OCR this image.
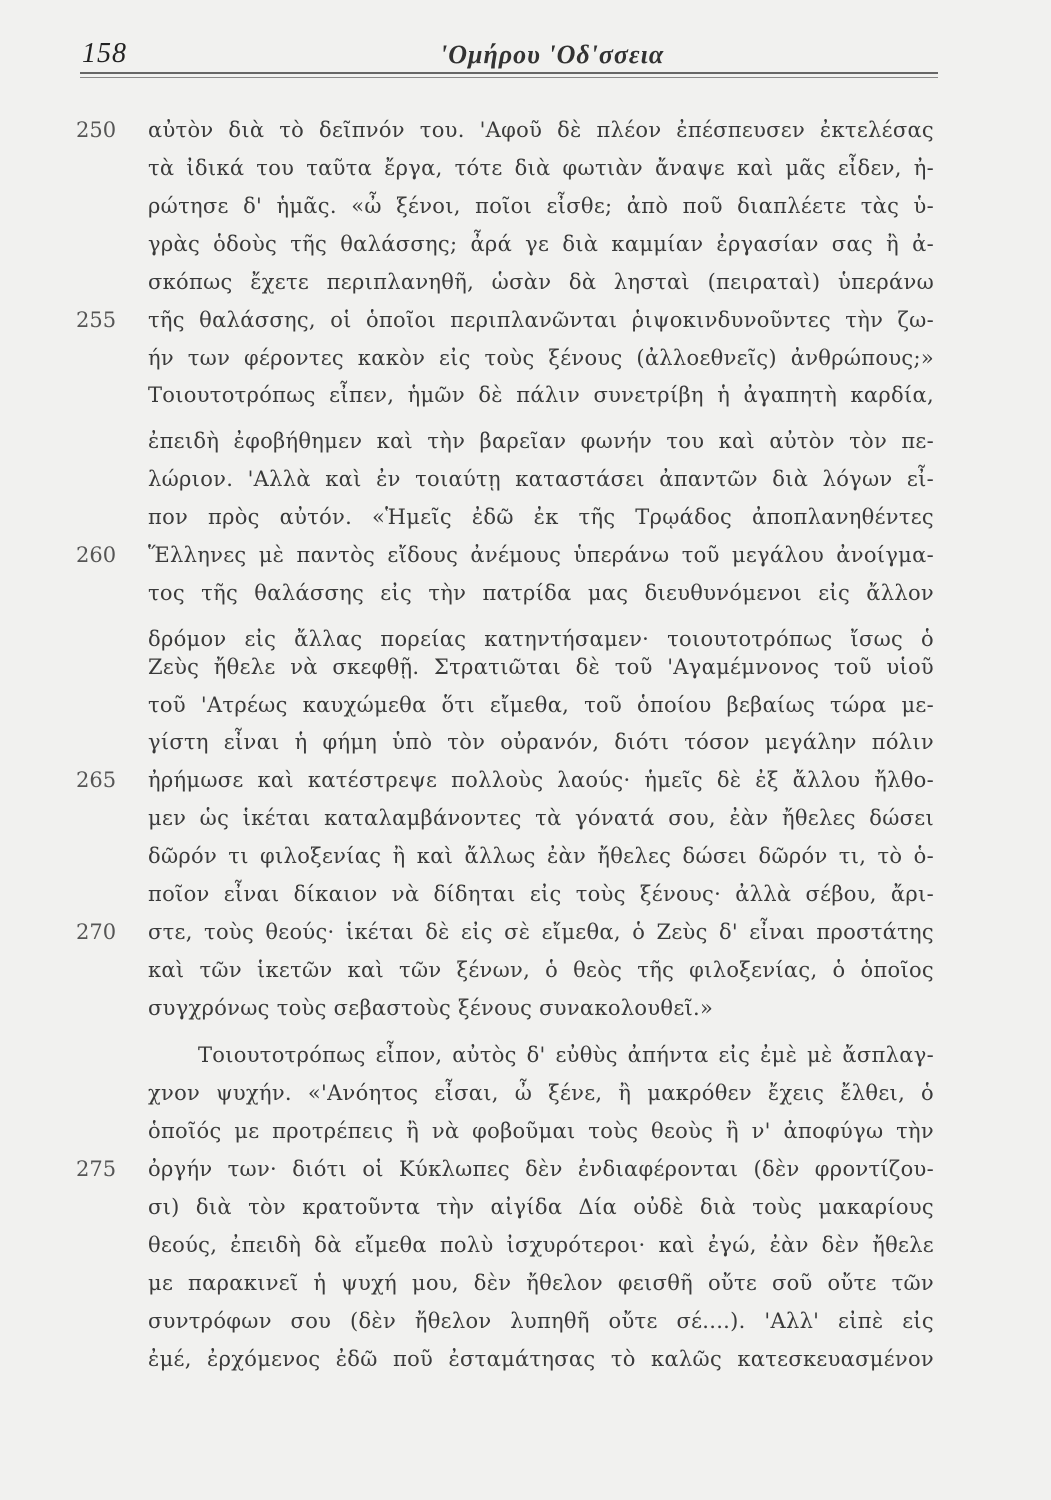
158	'Ομήρου 'Οδ'σσεια
250
255
260
265
270
275
αὐτὸν διὰ τὸ δεῖπνόν του. 'Αφοῦ δὲ πλέον ἐπέσπευσεν ἐκτελέσας
τὰ ἰδικά του ταῦτα ἔργα, τότε διὰ φωτιὰν ἄναψε καὶ μᾶς εἶδεν, ἠ-
ρώτησε δ' ἡμᾶς. «ὦ ξένοι, ποῖοι εἶσθε; ἀπὸ ποῦ διαπλέετε τὰς ὑ-
γρὰς ὁδοὺς τῆς θαλάσσης; ἆρά γε διὰ καμμίαν ἐργασίαν σας ἢ ἀ-
σκόπως ἔχετε περιπλανηθῆ, ὡσὰν δὰ λησταὶ (πειραταὶ) ὑπεράνω
τῆς θαλάσσης, οἱ ὁποῖοι περιπλανῶνται ῥιψοκινδυνοῦντες τὴν ζω-
ήν των φέροντες κακὸν εἰς τοὺς ξένους (ἀλλοεθνεῖς) ἀνθρώπους;»
Τοιουτοτρόπως εἶπεν, ἡμῶν δὲ πάλιν συνετρίβη ἡ ἀγαπητὴ καρδία,
ἐπειδὴ ἐφοβήθημεν καὶ τὴν βαρεῖαν φωνήν του καὶ αὐτὸν τὸν πε-
λώριον. 'Αλλὰ καὶ ἐν τοιαύτῃ καταστάσει ἀπαντῶν διὰ λόγων εἶ-
πον πρὸς αὐτόν. «Ἡμεῖς ἐδῶ ἐκ τῆς Τρῳάδος ἀποπλανηθέντες
Ἕλληνες μὲ παντὸς εἴδους ἀνέμους ὑπεράνω τοῦ μεγάλου ἀνοίγμα-
τος τῆς θαλάσσης εἰς τὴν πατρίδα μας διευθυνόμενοι εἰς ἄλλον
δρόμον εἰς ἄλλας πορείας κατηντήσαμεν· τοιουτοτρόπως ἴσως ὁ
Ζεὺς ἤθελε νὰ σκεφθῇ. Στρατιῶται δὲ τοῦ 'Αγαμέμνονος τοῦ υἱοῦ
τοῦ 'Ατρέως καυχώμεθα ὅτι εἴμεθα, τοῦ ὁποίου βεβαίως τώρα με-
γίστη εἶναι ἡ φήμη ὑπὸ τὸν οὐρανόν, διότι τόσον μεγάλην πόλιν
ἠρήμωσε καὶ κατέστρεψε πολλοὺς λαούς· ἡμεῖς δὲ ἐξ ἄλλου ἤλθο-
μεν ὡς ἱκέται καταλαμβάνοντες τὰ γόνατά σου, ἐὰν ἤθελες δώσει
δῶρόν τι φιλοξενίας ἢ καὶ ἄλλως ἐὰν ἤθελες δώσει δῶρόν τι, τὸ ὁ-
ποῖον εἶναι δίκαιον νὰ δίδηται εἰς τοὺς ξένους· ἀλλὰ σέβου, ἄρι-
στε, τοὺς θεούς· ἱκέται δὲ εἰς σὲ εἴμεθα, ὁ Ζεὺς δ' εἶναι προστάτης
καὶ τῶν ἱκετῶν καὶ τῶν ξένων, ὁ θεὸς τῆς φιλοξενίας, ὁ ὁποῖος
συγχρόνως τοὺς σεβαστοὺς ξένους συνακολουθεῖ.»
Τοιουτοτρόπως εἶπον, αὐτὸς δ' εὐθὺς ἀπήντα εἰς ἐμὲ μὲ ἄσπλαγ-
χνον ψυχήν. «'Ανόητος εἶσαι, ὦ ξένε, ἢ μακρόθεν ἔχεις ἔλθει, ὁ
ὁποῖός με προτρέπεις ἢ νὰ φοβοῦμαι τοὺς θεοὺς ἢ ν' ἀποφύγω τὴν
ὀργήν των· διότι οἱ Κύκλωπες δὲν ἐνδιαφέρονται (δὲν φροντίζου-
σι) διὰ τὸν κρατοῦντα τὴν αἰγίδα Δία οὐδὲ διὰ τοὺς μακαρίους
θεούς, ἐπειδὴ δὰ εἴμεθα πολὺ ἰσχυρότεροι· καὶ ἐγώ, ἐὰν δὲν ἤθελε
με παρακινεῖ ἡ ψυχή μου, δὲν ἤθελον φεισθῆ οὔτε σοῦ οὔτε τῶν
συντρόφων σου (δὲν ἤθελον λυπηθῆ οὔτε σέ....). 'Αλλ' εἰπὲ εἰς
ἐμέ, ἐρχόμενος ἐδῶ ποῦ ἐσταμάτησας τὸ καλῶς κατεσκευασμένον
